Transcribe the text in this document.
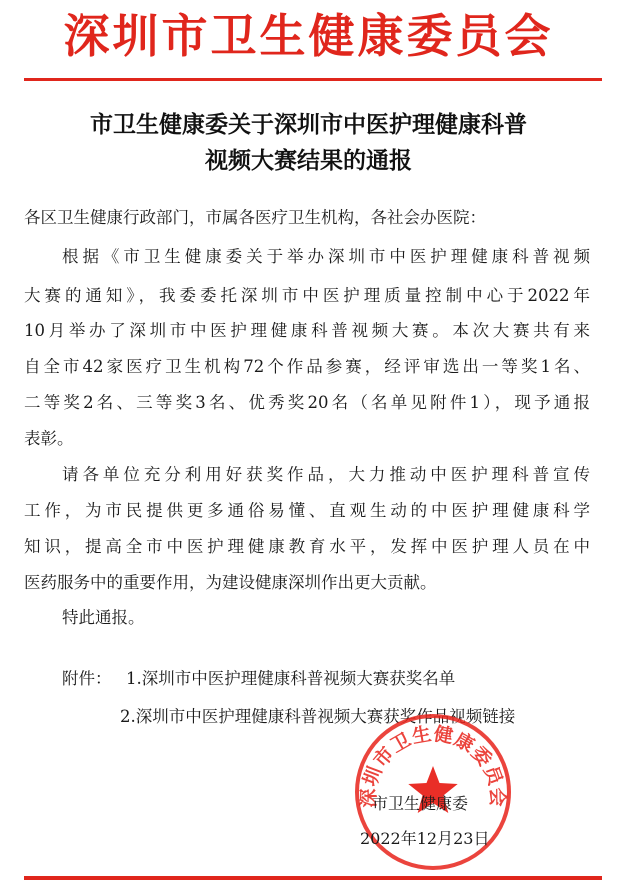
深圳市卫生健康委员会
市卫生健康委关于深圳市中医护理健康科普
视频大赛结果的通报
各区卫生健康行政部门，市属各医疗卫生机构，各社会办医院：
根据《市卫生健康委关于举办深圳市中医护理健康科普视频
大赛的通知》，我委委托深圳市中医护理质量控制中心于2022年
10月举办了深圳市中医护理健康科普视频大赛。本次大赛共有来
自全市42家医疗卫生机构72个作品参赛，经评审选出一等奖1名、
二等奖2名、三等奖3名、优秀奖20名（名单见附件1），现予通报
表彰。
请各单位充分利用好获奖作品，大力推动中医护理科普宣传
工作，为市民提供更多通俗易懂、直观生动的中医护理健康科学
知识，提高全市中医护理健康教育水平，发挥中医护理人员在中
医药服务中的重要作用，为建设健康深圳作出更大贡献。
特此通报。
附件： 1.深圳市中医护理健康科普视频大赛获奖名单
2.深圳市中医护理健康科普视频大赛获奖作品视频链接
深圳市卫生健康委员会
市卫生健康委
2022年12月23日
